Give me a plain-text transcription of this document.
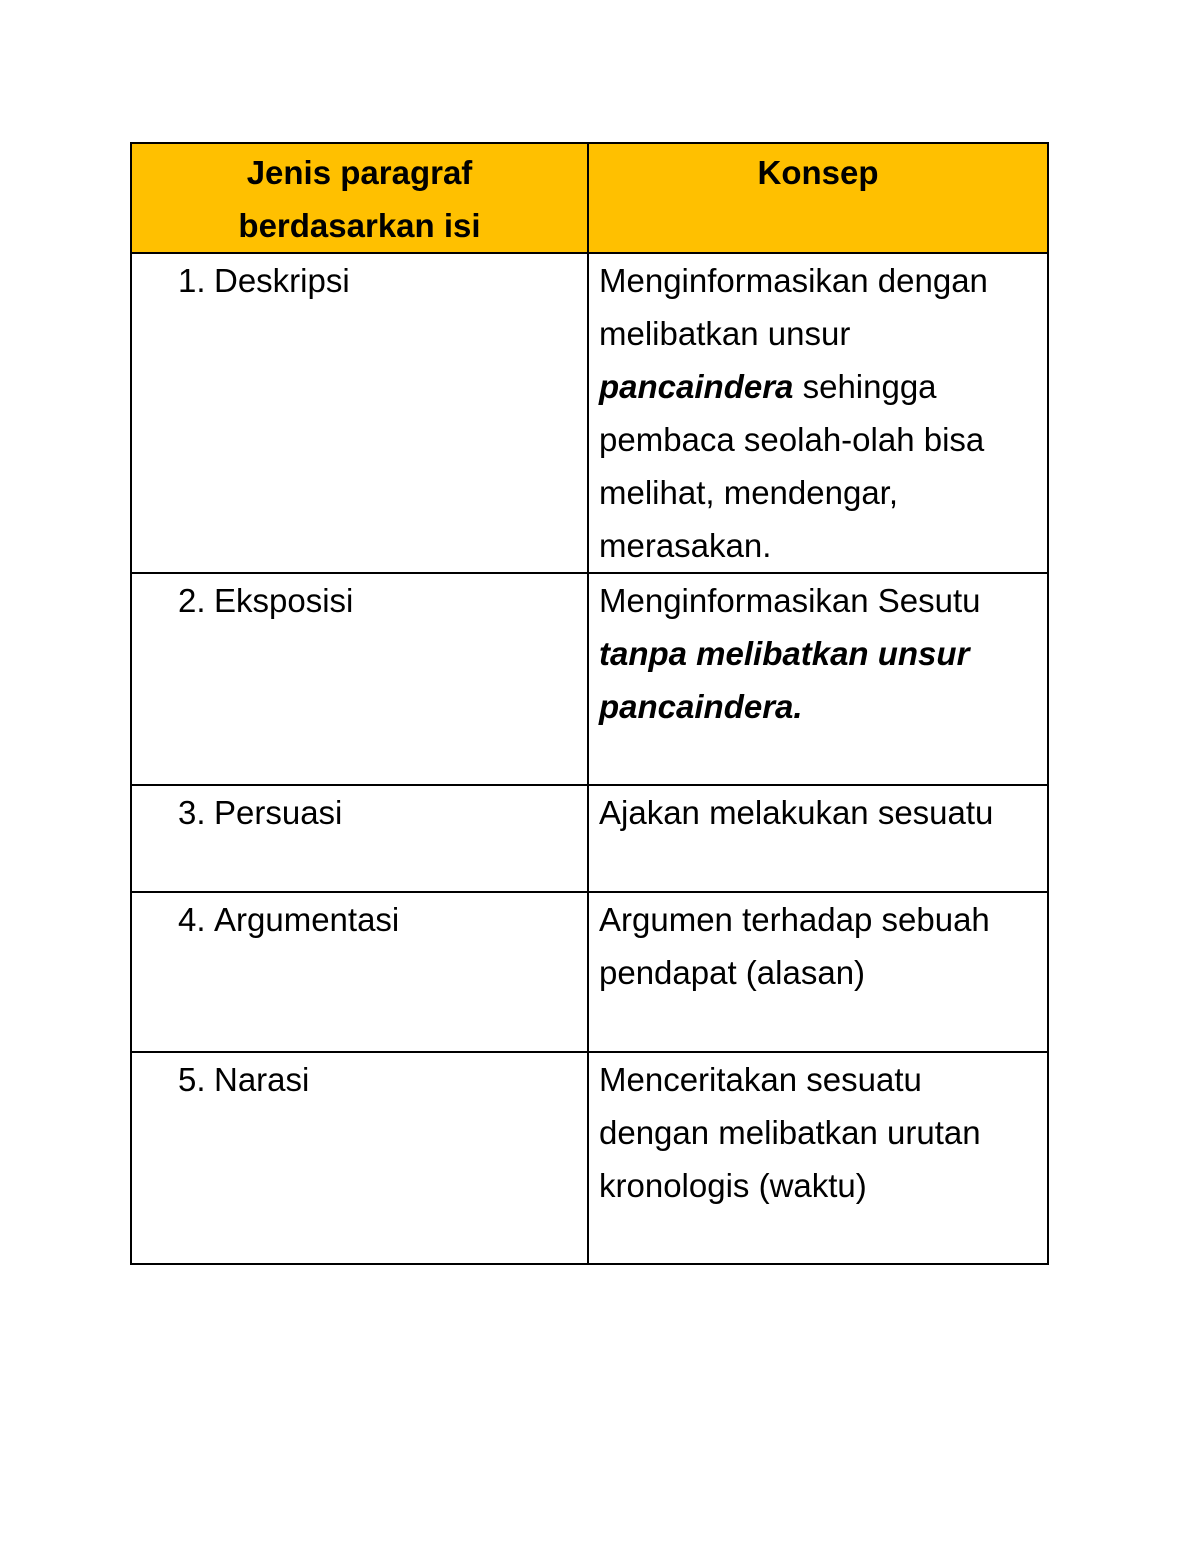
Jenis paragraf
berdasarkan isi	Konsep

1. Deskripsi	Menginformasikan dengan melibatkan unsur pancaindera sehingga pembaca seolah-olah bisa melihat, mendengar, merasakan.

2. Eksposisi	Menginformasikan Sesutu tanpa melibatkan unsur pancaindera.

3. Persuasi	Ajakan melakukan sesuatu

4. Argumentasi	Argumen terhadap sebuah pendapat (alasan)

5. Narasi	Menceritakan sesuatu dengan melibatkan urutan kronologis (waktu)
